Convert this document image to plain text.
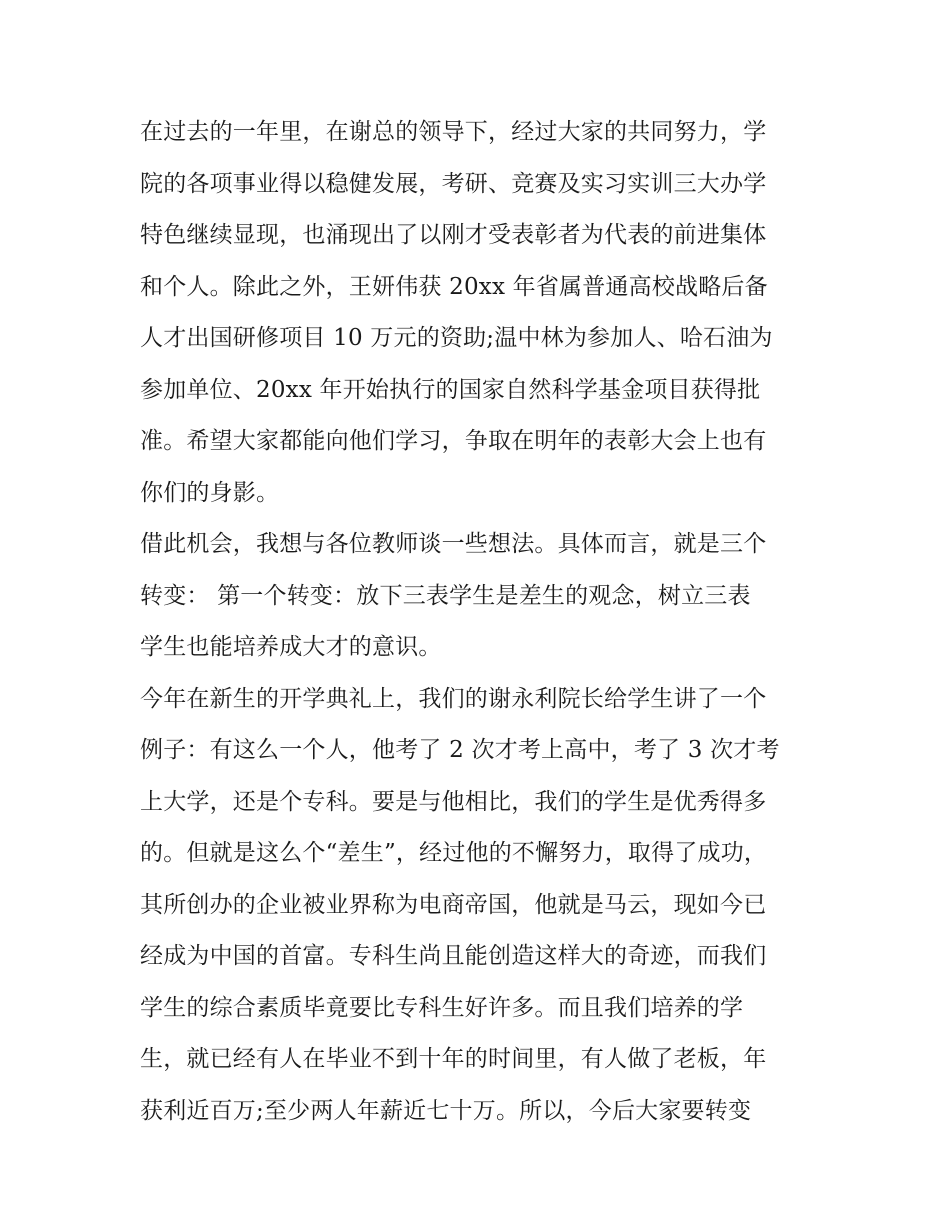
在过去的一年里，在谢总的领导下，经过大家的共同努力，学
院的各项事业得以稳健发展，考研、竞赛及实习实训三大办学
特色继续显现，也涌现出了以刚才受表彰者为代表的前进集体
和个人。除此之外，王妍伟获 20xx 年省属普通高校战略后备
人才出国研修项目 10 万元的资助;温中林为参加人、哈石油为
参加单位、20xx 年开始执行的国家自然科学基金项目获得批
准。希望大家都能向他们学习，争取在明年的表彰大会上也有
你们的身影。
借此机会，我想与各位教师谈一些想法。具体而言，就是三个
转变： 第一个转变：放下三表学生是差生的观念，树立三表
学生也能培养成大才的意识。
今年在新生的开学典礼上，我们的谢永利院长给学生讲了一个
例子：有这么一个人，他考了 2 次才考上高中，考了 3 次才考
上大学，还是个专科。要是与他相比，我们的学生是优秀得多
的。但就是这么个“差生”，经过他的不懈努力，取得了成功，
其所创办的企业被业界称为电商帝国，他就是马云，现如今已
经成为中国的首富。专科生尚且能创造这样大的奇迹，而我们
学生的综合素质毕竟要比专科生好许多。而且我们培养的学
生，就已经有人在毕业不到十年的时间里，有人做了老板，年
获利近百万;至少两人年薪近七十万。所以，今后大家要转变
